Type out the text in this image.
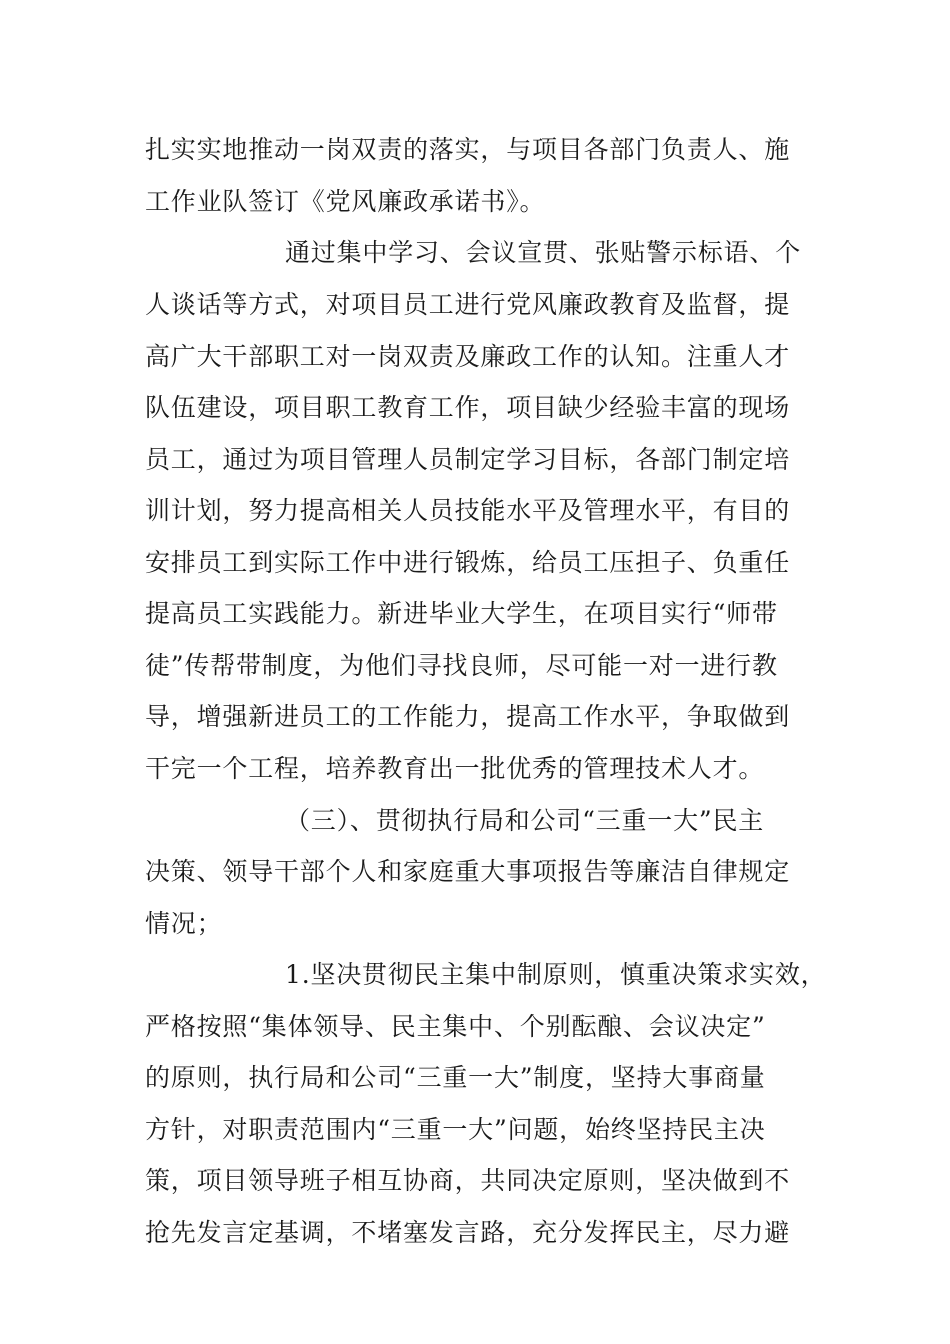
扎实实地推动一岗双责的落实，与项目各部门负责人、施
工作业队签订《党风廉政承诺书》。
通过集中学习、会议宣贯、张贴警示标语、个
人谈话等方式，对项目员工进行党风廉政教育及监督，提
高广大干部职工对一岗双责及廉政工作的认知。注重人才
队伍建设，项目职工教育工作，项目缺少经验丰富的现场
员工，通过为项目管理人员制定学习目标，各部门制定培
训计划，努力提高相关人员技能水平及管理水平，有目的
安排员工到实际工作中进行锻炼，给员工压担子、负重任
提高员工实践能力。新进毕业大学生，在项目实行“师带
徒”传帮带制度，为他们寻找良师，尽可能一对一进行教
导，增强新进员工的工作能力，提高工作水平，争取做到
干完一个工程，培养教育出一批优秀的管理技术人才。
（三）、贯彻执行局和公司“三重一大”民主
决策、领导干部个人和家庭重大事项报告等廉洁自律规定
情况；
1.坚决贯彻民主集中制原则，慎重决策求实效，
严格按照“集体领导、民主集中、个别酝酿、会议决定”
的原则，执行局和公司“三重一大”制度，坚持大事商量
方针，对职责范围内“三重一大”问题，始终坚持民主决
策，项目领导班子相互协商，共同决定原则，坚决做到不
抢先发言定基调，不堵塞发言路，充分发挥民主，尽力避
